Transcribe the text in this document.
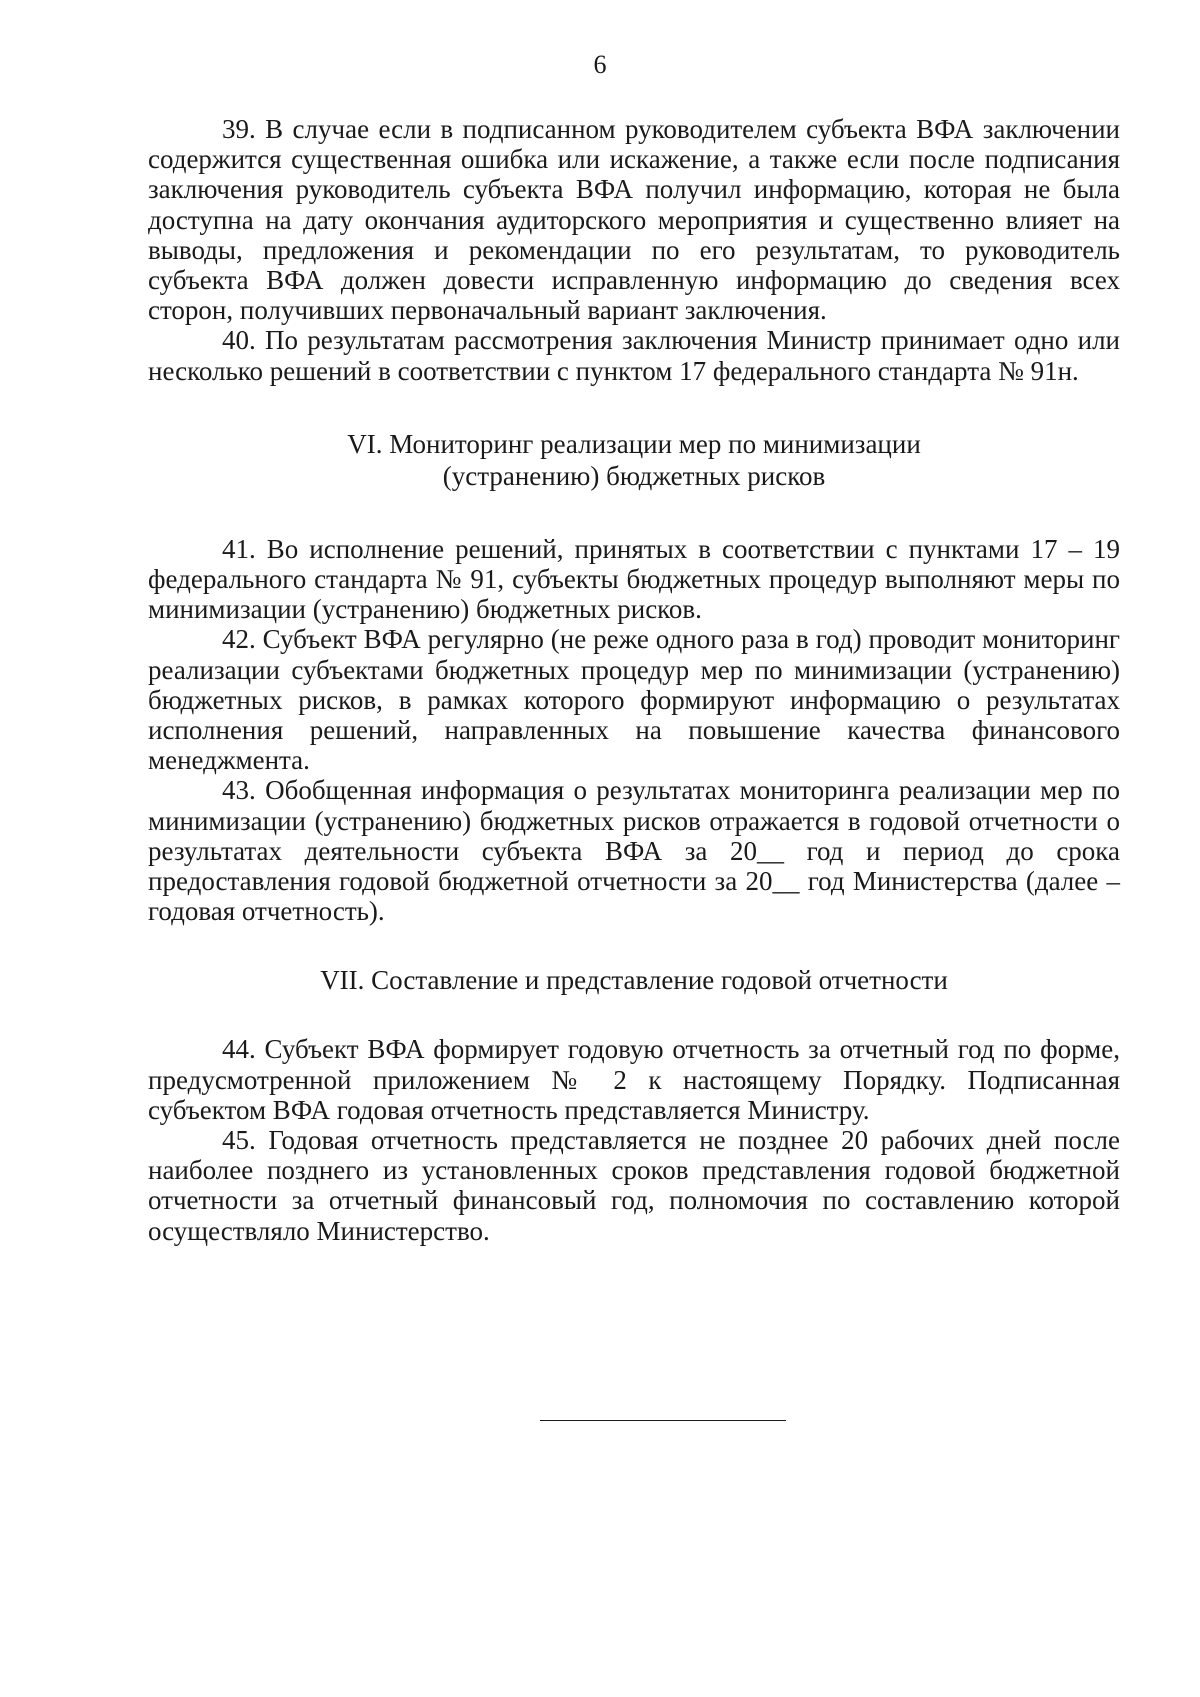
6

39. В случае если в подписанном руководителем субъекта ВФА заключении содержится существенная ошибка или искажение, а также если после подписания заключения руководитель субъекта ВФА получил информацию, которая не была доступна на дату окончания аудиторского мероприятия и существенно влияет на выводы, предложения и рекомендации по его результатам, то руководитель субъекта ВФА должен довести исправленную информацию до сведения всех сторон, получивших первоначальный вариант заключения.

40. По результатам рассмотрения заключения Министр принимает одно или несколько решений в соответствии с пунктом 17 федерального стандарта № 91н.

VI. Мониторинг реализации мер по минимизации
(устранению) бюджетных рисков

41. Во исполнение решений, принятых в соответствии с пунктами 17 – 19 федерального стандарта № 91, субъекты бюджетных процедур выполняют меры по минимизации (устранению) бюджетных рисков.

42. Субъект ВФА регулярно (не реже одного раза в год) проводит мониторинг реализации субъектами бюджетных процедур мер по минимизации (устранению) бюджетных рисков, в рамках которого формируют информацию о результатах исполнения решений, направленных на повышение качества финансового менеджмента.

43. Обобщенная информация о результатах мониторинга реализации мер по минимизации (устранению) бюджетных рисков отражается в годовой отчетности о результатах деятельности субъекта ВФА за 20__ год и период до срока предоставления годовой бюджетной отчетности за 20__ год Министерства (далее – годовая отчетность).

VII. Составление и представление годовой отчетности

44. Субъект ВФА формирует годовую отчетность за отчетный год по форме, предусмотренной приложением № 2 к настоящему Порядку. Подписанная субъектом ВФА годовая отчетность представляется Министру.

45. Годовая отчетность представляется не позднее 20 рабочих дней после наиболее позднего из установленных сроков представления годовой бюджетной отчетности за отчетный финансовый год, полномочия по составлению которой осуществляло Министерство.
